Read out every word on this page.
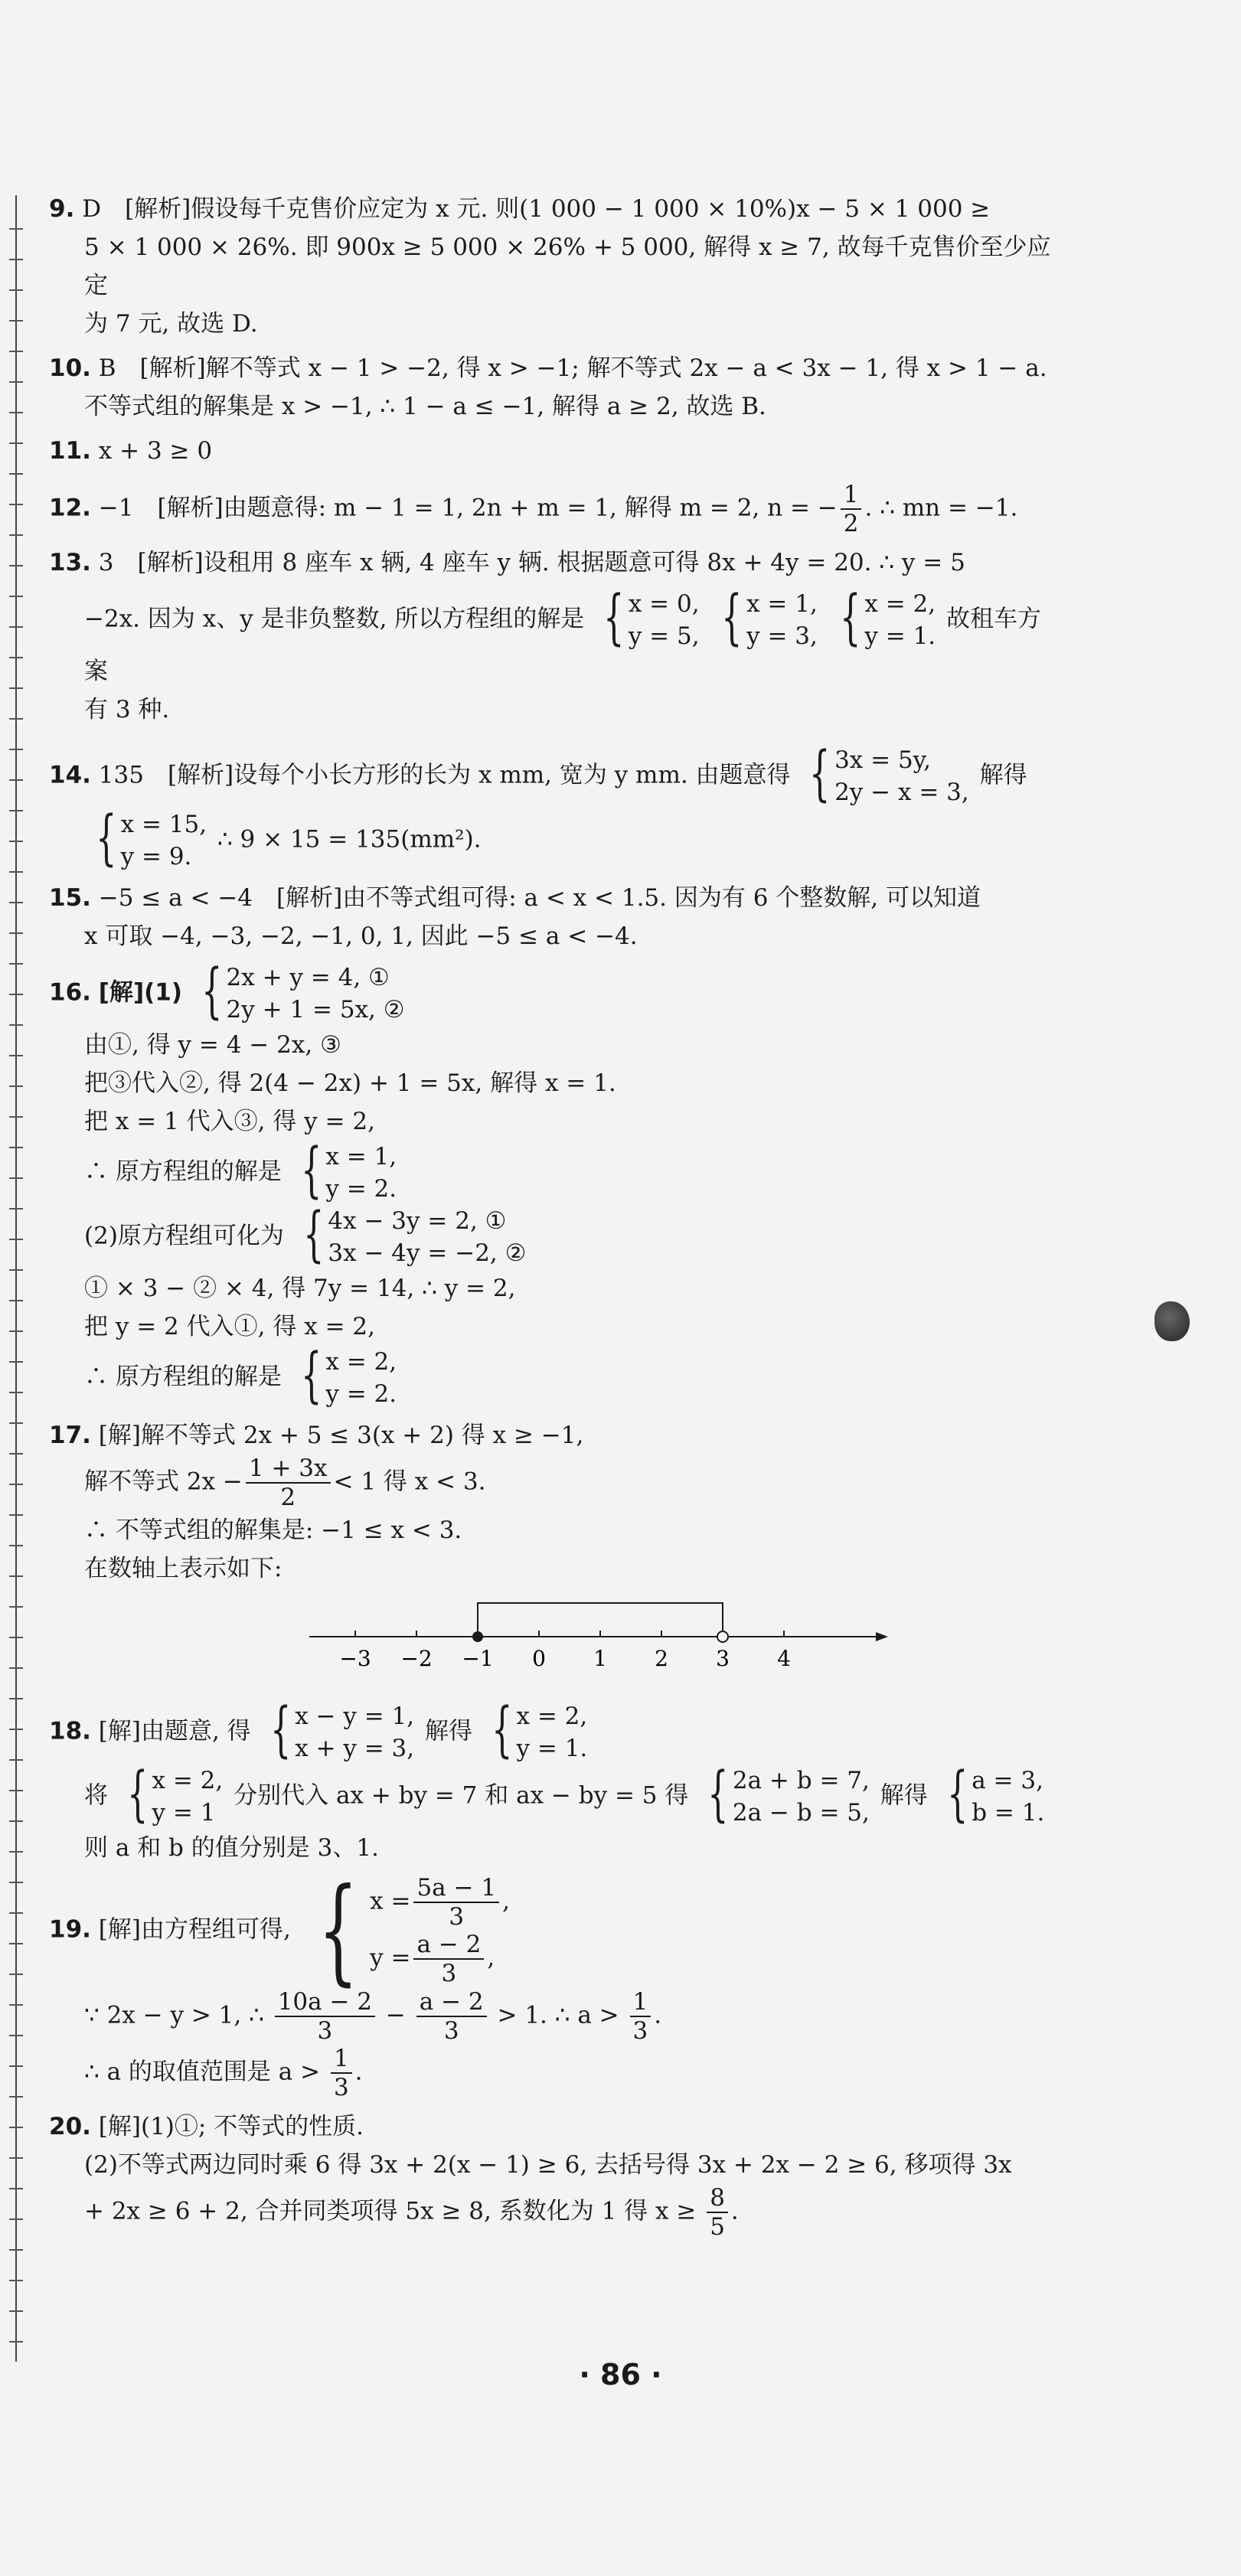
9. D　[解析]假设每千克售价应定为 x 元. 则(1 000 − 1 000 × 10%)x − 5 × 1 000 ≥
5 × 1 000 × 26%. 即 900x ≥ 5 000 × 26% + 5 000, 解得 x ≥ 7, 故每千克售价至少应定
为 7 元, 故选 D.
10. B　[解析]解不等式 x − 1 > −2, 得 x > −1; 解不等式 2x − a < 3x − 1, 得 x > 1 − a.
不等式组的解集是 x > −1, ∴ 1 − a ≤ −1, 解得 a ≥ 2, 故选 B.
11. x + 3 ≥ 0
12. −1　[解析]由题意得: m − 1 = 1, 2n + m = 1, 解得 m = 2, n = − $\frac{1}{2}$ . ∴ mn = −1.
13. 3　[解析]设租用 8 座车 x 辆, 4 座车 y 辆. 根据题意可得 8x + 4y = 20. ∴ y = 5
−2x. 因为 x、y 是非负整数, 所以方程组的解是 { x = 0,
y = 5,
{ x = 1,
y = 3,
{ x = 2,
y = 1.
故租车方案
有 3 种.
14. 135　[解析]设每个小长方形的长为 x mm, 宽为 y mm. 由题意得 { 3x = 5y,
2y − x = 3,
解得
{ x = 15,
y = 9.
∴ 9 × 15 = 135(mm²).
15. −5 ≤ a < −4　[解析]由不等式组可得: a < x < 1.5. 因为有 6 个整数解, 可以知道
x 可取 −4, −3, −2, −1, 0, 1, 因此 −5 ≤ a < −4.
16. [解](1) { 2x + y = 4, ①
2y + 1 = 5x, ②
由①, 得 y = 4 − 2x, ③
把③代入②, 得 2(4 − 2x) + 1 = 5x, 解得 x = 1.
把 x = 1 代入③, 得 y = 2,
∴ 原方程组的解是 { x = 1,
y = 2.
(2)原方程组可化为 { 4x − 3y = 2, ①
3x − 4y = −2, ②
① × 3 − ② × 4, 得 7y = 14, ∴ y = 2,
把 y = 2 代入①, 得 x = 2,
∴ 原方程组的解是 { x = 2,
y = 2.
17. [解]解不等式 2x + 5 ≤ 3(x + 2) 得 x ≥ −1,
解不等式 $2x - \frac{1 + 3x}{2} < 1$ 得 x < 3.
∴ 不等式组的解集是: −1 ≤ x < 3.
在数轴上表示如下:
−3 −2 −1 0 1 2 3 4
18. [解]由题意, 得 { x − y = 1,
x + y = 3,
解得 { x = 2,
y = 1.
将 { x = 2,
y = 1
分别代入 ax + by = 7 和 ax − by = 5 得 { 2a + b = 7,
2a − b = 5,
解得 { a = 3,
b = 1.
则 a 和 b 的值分别是 3、1.
19. [解]由方程组可得, { $x = \frac{5a - 1}{3}$ ,
$y = \frac{a - 2}{3}$ ,
∵ 2x − y > 1, ∴ $\frac{10a - 2}{3} - \frac{a - 2}{3} > 1$. ∴ $a > \frac{1}{3}$ .
∴ a 的取值范围是 $a > \frac{1}{3}$ .
20. [解](1)①; 不等式的性质.
(2)不等式两边同时乘 6 得 3x + 2(x − 1) ≥ 6, 去括号得 3x + 2x − 2 ≥ 6, 移项得 3x
+ 2x ≥ 6 + 2, 合并同类项得 5x ≥ 8, 系数化为 1 得 $x \ge \frac{8}{5}$ .
· 86 ·
